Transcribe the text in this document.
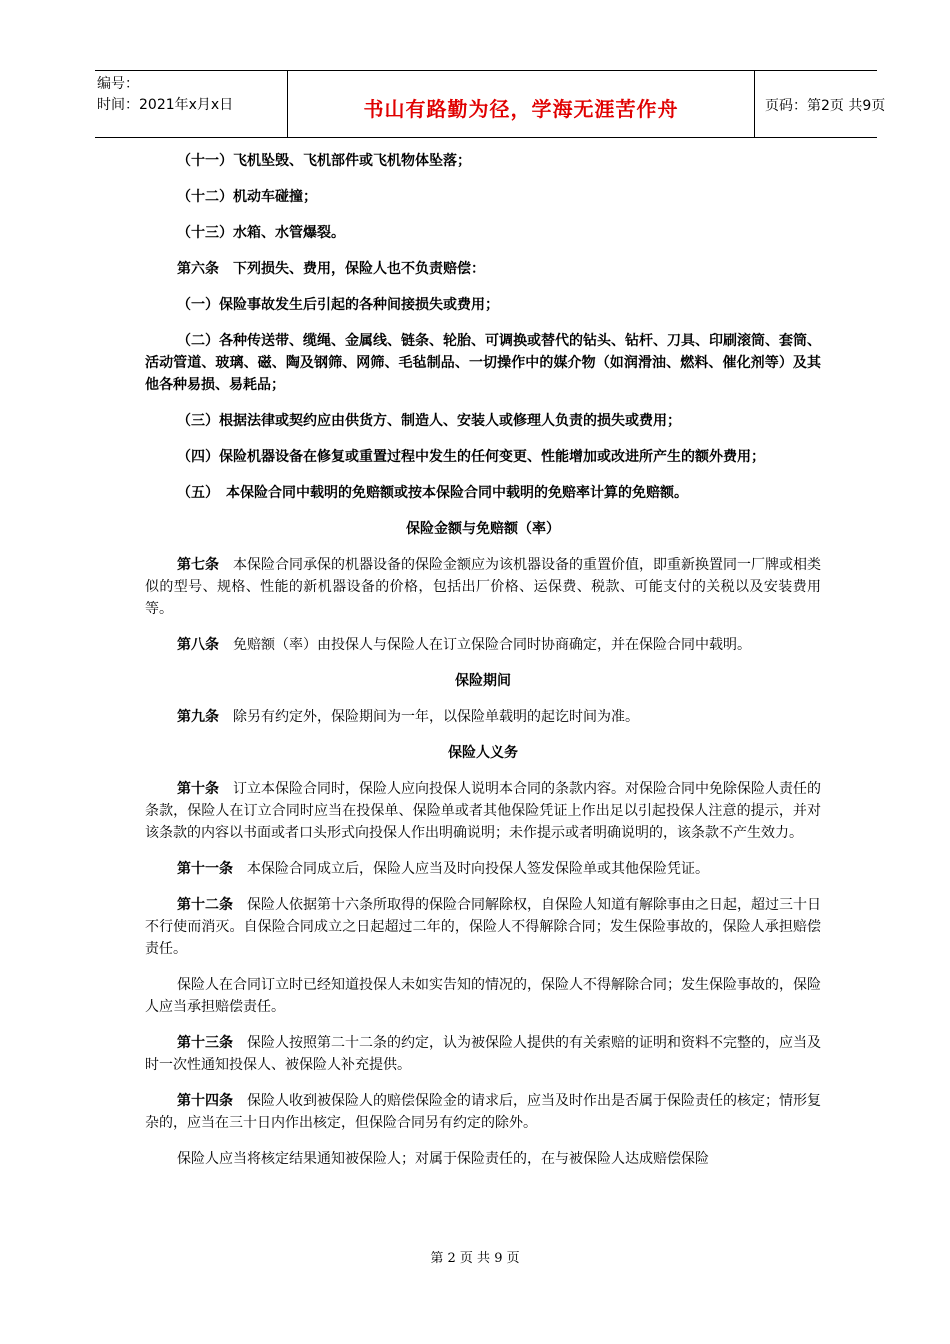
编号：
时间：2021年x月x日	书山有路勤为径，学海无涯苦作舟	页码：第2页 共9页

（十一）飞机坠毁、飞机部件或飞机物体坠落；

（十二）机动车碰撞；

（十三）水箱、水管爆裂。

第六条　下列损失、费用，保险人也不负责赔偿：

（一）保险事故发生后引起的各种间接损失或费用；

（二）各种传送带、缆绳、金属线、链条、轮胎、可调换或替代的钻头、钻杆、刀具、印刷滚筒、套筒、活动管道、玻璃、磁、陶及钢筛、网筛、毛毡制品、一切操作中的媒介物（如润滑油、燃料、催化剂等）及其他各种易损、易耗品；

（三）根据法律或契约应由供货方、制造人、安装人或修理人负责的损失或费用；

（四）保险机器设备在修复或重置过程中发生的任何变更、性能增加或改进所产生的额外费用；

（五）　本保险合同中载明的免赔额或按本保险合同中载明的免赔率计算的免赔额。

保险金额与免赔额（率）

第七条 本保险合同承保的机器设备的保险金额应为该机器设备的重置价值，即重新换置同一厂牌或相类似的型号、规格、性能的新机器设备的价格，包括出厂价格、运保费、税款、可能支付的关税以及安装费用等。

第八条 免赔额（率）由投保人与保险人在订立保险合同时协商确定，并在保险合同中载明。

保险期间

第九条 除另有约定外，保险期间为一年，以保险单载明的起讫时间为准。

保险人义务

第十条 订立本保险合同时，保险人应向投保人说明本合同的条款内容。对保险合同中免除保险人责任的条款，保险人在订立合同时应当在投保单、保险单或者其他保险凭证上作出足以引起投保人注意的提示，并对该条款的内容以书面或者口头形式向投保人作出明确说明；未作提示或者明确说明的，该条款不产生效力。

第十一条 本保险合同成立后，保险人应当及时向投保人签发保险单或其他保险凭证。

第十二条 保险人依据第十六条所取得的保险合同解除权，自保险人知道有解除事由之日起，超过三十日不行使而消灭。自保险合同成立之日起超过二年的，保险人不得解除合同；发生保险事故的，保险人承担赔偿责任。

保险人在合同订立时已经知道投保人未如实告知的情况的，保险人不得解除合同；发生保险事故的，保险人应当承担赔偿责任。

第十三条 保险人按照第二十二条的约定，认为被保险人提供的有关索赔的证明和资料不完整的，应当及时一次性通知投保人、被保险人补充提供。

第十四条 保险人收到被保险人的赔偿保险金的请求后，应当及时作出是否属于保险责任的核定；情形复杂的，应当在三十日内作出核定，但保险合同另有约定的除外。

保险人应当将核定结果通知被保险人；对属于保险责任的，在与被保险人达成赔偿保险

第 2 页 共 9 页
